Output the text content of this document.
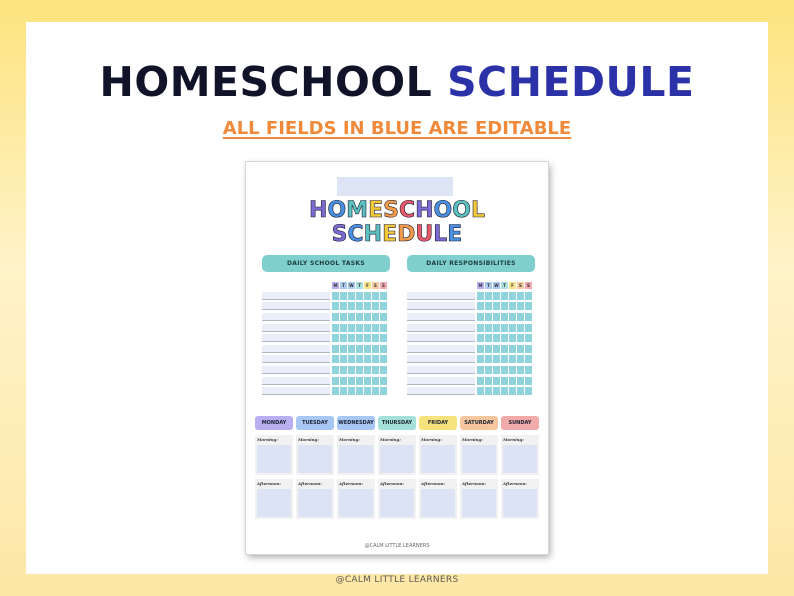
HOMESCHOOL SCHEDULE
ALL FIELDS IN BLUE ARE EDITABLE
HOMESCHOOL
SCHEDULE
DAILY SCHOOL TASKS	DAILY RESPONSIBILITIES
M	T	W	T	F	S	S	M	T	W	T	F	S	S
MONDAY	TUESDAY	WEDNESDAY	THURSDAY	FRIDAY	SATURDAY	SUNDAY
Morning:	Morning:	Morning:	Morning:	Morning:	Morning:	Morning:
Afternoon:	Afternoon:	Afternoon:	Afternoon:	Afternoon:	Afternoon:	Afternoon:
@CALM LITTLE LEARNERS
@CALM LITTLE LEARNERS
